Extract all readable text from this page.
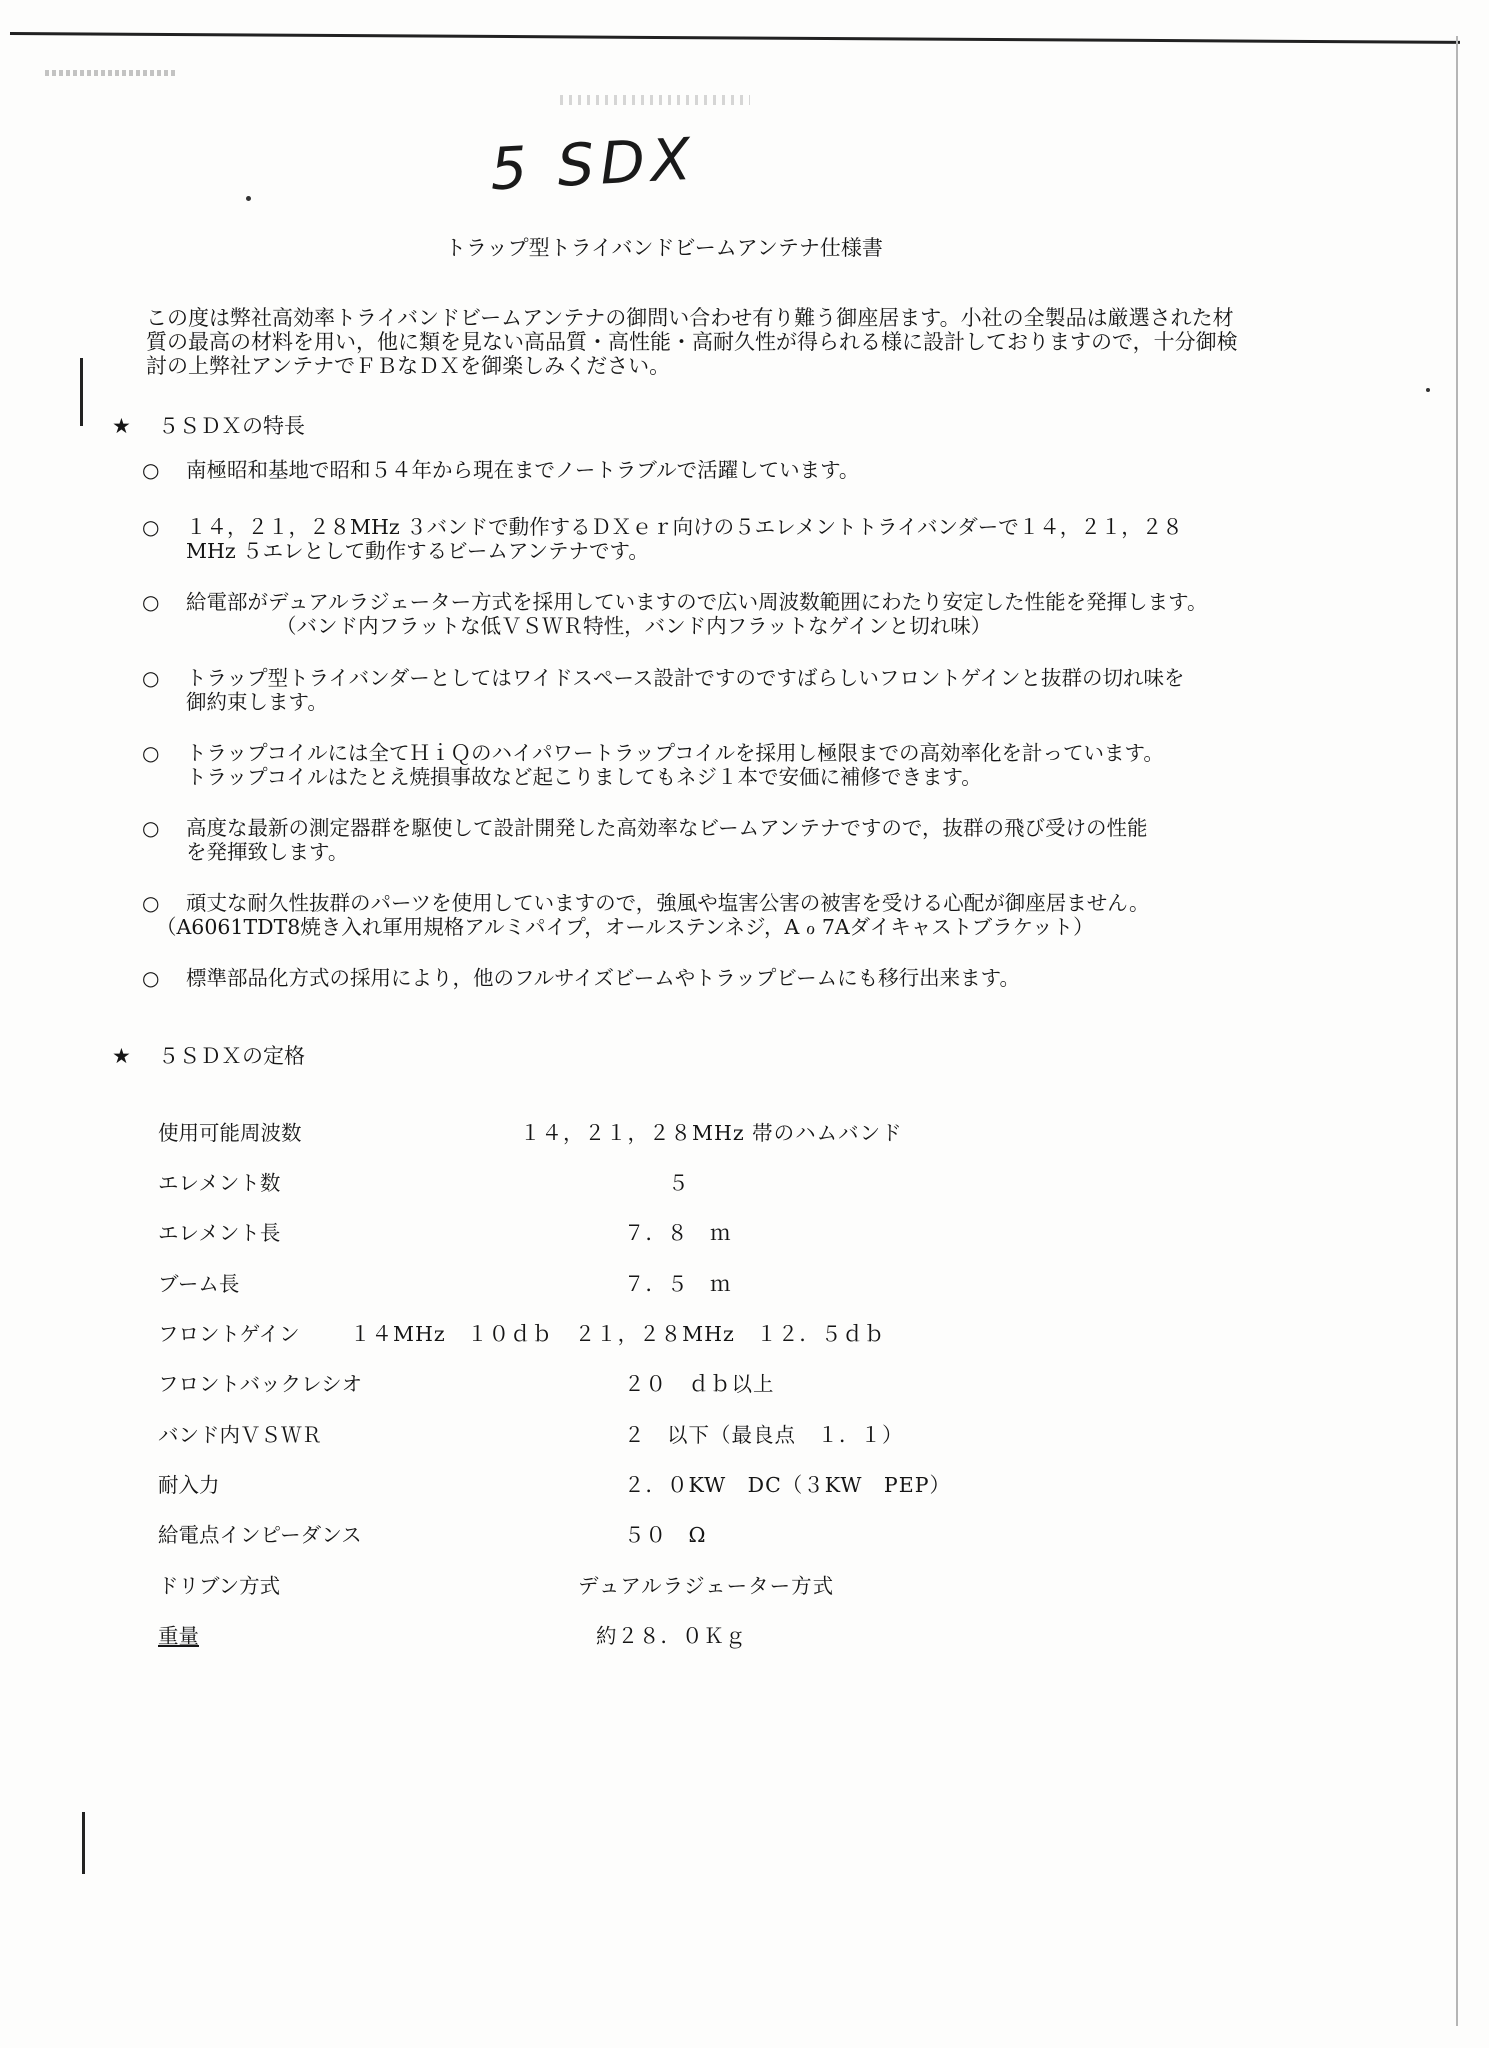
5 SDX
トラップ型トライバンドビームアンテナ仕様書

この度は弊社高効率トライバンドビームアンテナの御問い合わせ有り難う御座居ます。小社の全製品は厳選された材

質の最高の材料を用い，他に類を見ない高品質・高性能・高耐久性が得られる様に設計しておりますので，十分御検

討の上弊社アンテナでＦＢなＤＸを御楽しみください。

★ ５ＳＤＸの特長
○ 南極昭和基地で昭和５４年から現在までノートラブルで活躍しています。
○ １４，２１，２８MHz ３バンドで動作するＤＸｅｒ向けの５エレメントトライバンダーで１４，２１，２８
MHz ５エレとして動作するビームアンテナです。
○ 給電部がデュアルラジェーター方式を採用していますので広い周波数範囲にわたり安定した性能を発揮します。
（バンド内フラットな低ＶＳＷＲ特性，バンド内フラットなゲインと切れ味）
○ トラップ型トライバンダーとしてはワイドスペース設計ですのですばらしいフロントゲインと抜群の切れ味を
御約束します。
○ トラップコイルには全てＨｉＱのハイパワートラップコイルを採用し極限までの高効率化を計っています。
トラップコイルはたとえ焼損事故など起こりましてもネジ１本で安価に補修できます。
○ 高度な最新の測定器群を駆使して設計開発した高効率なビームアンテナですので，抜群の飛び受けの性能
を発揮致します。
○ 頑丈な耐久性抜群のパーツを使用していますので，強風や塩害公害の被害を受ける心配が御座居ません。
（A6061TDT8焼き入れ軍用規格アルミパイプ，オールステンネジ，A ℴ 7Aダイキャストブラケット）
○ 標準部品化方式の採用により，他のフルサイズビームやトラップビームにも移行出来ます。
★ ５ＳＤＸの定格
使用可能周波数	１４，２１，２８MHz 帯のハムバンド
エレメント数	５
エレメント長	７．８　ｍ
ブーム長	７．５　ｍ
フロントゲイン １４MHz　１０ｄｂ　２１，２８MHz　１２．５ｄｂ
フロントバックレシオ	２０　ｄｂ以上
バンド内ＶＳＷＲ	２　以下（最良点　１．１）
耐入力	２．０KW　DC（３KW　PEP）
給電点インピーダンス	５０　Ω
ドリブン方式	デュアルラジェーター方式
重量	約２８．０Ｋｇ
